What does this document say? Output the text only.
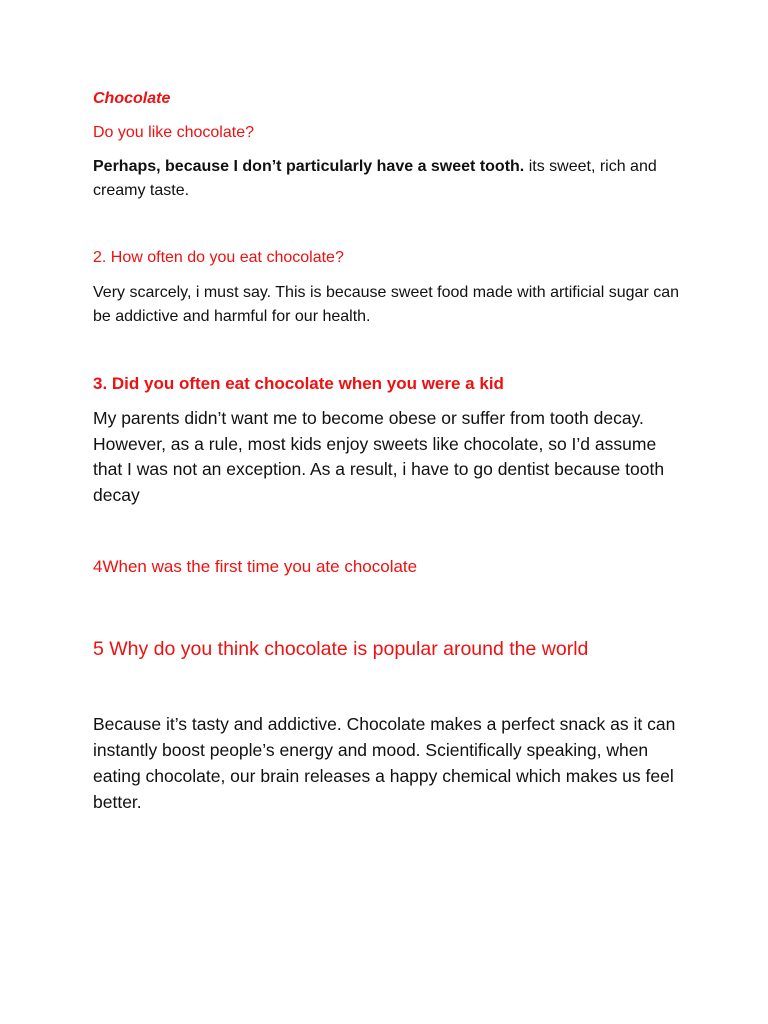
Chocolate

Do you like chocolate?

Perhaps, because I don’t particularly have a sweet tooth. its sweet, rich and creamy taste.

2. How often do you eat chocolate?

Very scarcely, i must say. This is because sweet food made with artificial sugar can be addictive and harmful for our health.

3. Did you often eat chocolate when you were a kid

My parents didn’t want me to become obese or suffer from tooth decay. However, as a rule, most kids enjoy sweets like chocolate, so I’d assume that I was not an exception. As a result, i have to go dentist because tooth decay

4When was the first time you ate chocolate

5 Why do you think chocolate is popular around the world

Because it’s tasty and addictive. Chocolate makes a perfect snack as it can instantly boost people’s energy and mood. Scientifically speaking, when eating chocolate, our brain releases a happy chemical which makes us feel better.
